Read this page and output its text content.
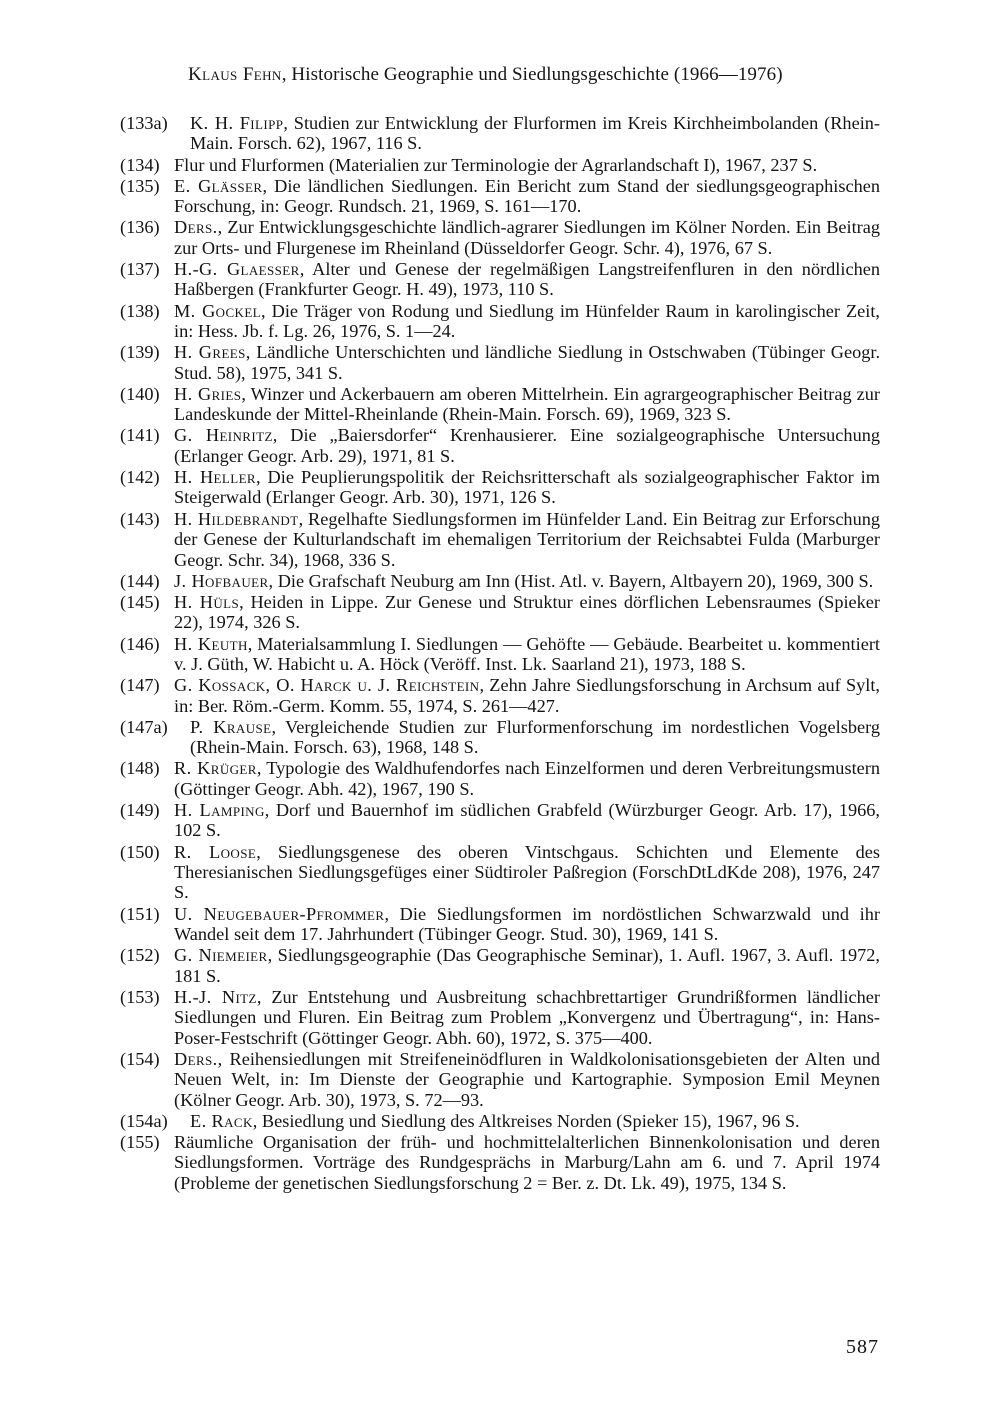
Klaus Fehn, Historische Geographie und Siedlungsgeschichte (1966—1976)
(133a) K. H. Filipp, Studien zur Entwicklung der Flurformen im Kreis Kirchheimbolanden (Rhein-Main. Forsch. 62), 1967, 116 S.
(134) Flur und Flurformen (Materialien zur Terminologie der Agrarlandschaft I), 1967, 237 S.
(135) E. Glässer, Die ländlichen Siedlungen. Ein Bericht zum Stand der siedlungsgeographischen Forschung, in: Geogr. Rundsch. 21, 1969, S. 161—170.
(136) Ders., Zur Entwicklungsgeschichte ländlich-agrarer Siedlungen im Kölner Norden. Ein Beitrag zur Orts- und Flurgenese im Rheinland (Düsseldorfer Geogr. Schr. 4), 1976, 67 S.
(137) H.-G. Glaesser, Alter und Genese der regelmäßigen Langstreifenfluren in den nördlichen Haßbergen (Frankfurter Geogr. H. 49), 1973, 110 S.
(138) M. Gockel, Die Träger von Rodung und Siedlung im Hünfelder Raum in karolingischer Zeit, in: Hess. Jb. f. Lg. 26, 1976, S. 1—24.
(139) H. Grees, Ländliche Unterschichten und ländliche Siedlung in Ostschwaben (Tübinger Geogr. Stud. 58), 1975, 341 S.
(140) H. Gries, Winzer und Ackerbauern am oberen Mittelrhein. Ein agrargeographischer Beitrag zur Landeskunde der Mittel-Rheinlande (Rhein-Main. Forsch. 69), 1969, 323 S.
(141) G. Heinritz, Die „Baiersdorfer“ Krenhausierer. Eine sozialgeographische Untersuchung (Erlanger Geogr. Arb. 29), 1971, 81 S.
(142) H. Heller, Die Peuplierungspolitik der Reichsritterschaft als sozialgeographischer Faktor im Steigerwald (Erlanger Geogr. Arb. 30), 1971, 126 S.
(143) H. Hildebrandt, Regelhafte Siedlungsformen im Hünfelder Land. Ein Beitrag zur Erforschung der Genese der Kulturlandschaft im ehemaligen Territorium der Reichsabtei Fulda (Marburger Geogr. Schr. 34), 1968, 336 S.
(144) J. Hofbauer, Die Grafschaft Neuburg am Inn (Hist. Atl. v. Bayern, Altbayern 20), 1969, 300 S.
(145) H. Hüls, Heiden in Lippe. Zur Genese und Struktur eines dörflichen Lebensraumes (Spieker 22), 1974, 326 S.
(146) H. Keuth, Materialsammlung I. Siedlungen — Gehöfte — Gebäude. Bearbeitet u. kommentiert v. J. Güth, W. Habicht u. A. Höck (Veröff. Inst. Lk. Saarland 21), 1973, 188 S.
(147) G. Kossack, O. Harck u. J. Reichstein, Zehn Jahre Siedlungsforschung in Archsum auf Sylt, in: Ber. Röm.-Germ. Komm. 55, 1974, S. 261—427.
(147a) P. Krause, Vergleichende Studien zur Flurformenforschung im nordestlichen Vogelsberg (Rhein-Main. Forsch. 63), 1968, 148 S.
(148) R. Krüger, Typologie des Waldhufendorfes nach Einzelformen und deren Verbreitungsmustern (Göttinger Geogr. Abh. 42), 1967, 190 S.
(149) H. Lamping, Dorf und Bauernhof im südlichen Grabfeld (Würzburger Geogr. Arb. 17), 1966, 102 S.
(150) R. Loose, Siedlungsgenese des oberen Vintschgaus. Schichten und Elemente des Theresianischen Siedlungsgefüges einer Südtiroler Paßregion (ForschDtLdKde 208), 1976, 247 S.
(151) U. Neugebauer-Pfrommer, Die Siedlungsformen im nordöstlichen Schwarzwald und ihr Wandel seit dem 17. Jahrhundert (Tübinger Geogr. Stud. 30), 1969, 141 S.
(152) G. Niemeier, Siedlungsgeographie (Das Geographische Seminar), 1. Aufl. 1967, 3. Aufl. 1972, 181 S.
(153) H.-J. Nitz, Zur Entstehung und Ausbreitung schachbrettartiger Grundrißformen ländlicher Siedlungen und Fluren. Ein Beitrag zum Problem „Konvergenz und Übertragung“, in: Hans-Poser-Festschrift (Göttinger Geogr. Abh. 60), 1972, S. 375—400.
(154) Ders., Reihensiedlungen mit Streifeneinödfluren in Waldkolonisationsgebieten der Alten und Neuen Welt, in: Im Dienste der Geographie und Kartographie. Symposion Emil Meynen (Kölner Geogr. Arb. 30), 1973, S. 72—93.
(154a) E. Rack, Besiedlung und Siedlung des Altkreises Norden (Spieker 15), 1967, 96 S.
(155) Räumliche Organisation der früh- und hochmittelalterlichen Binnenkolonisation und deren Siedlungsformen. Vorträge des Rundgesprächs in Marburg/Lahn am 6. und 7. April 1974 (Probleme der genetischen Siedlungsforschung 2 = Ber. z. Dt. Lk. 49), 1975, 134 S.
587
